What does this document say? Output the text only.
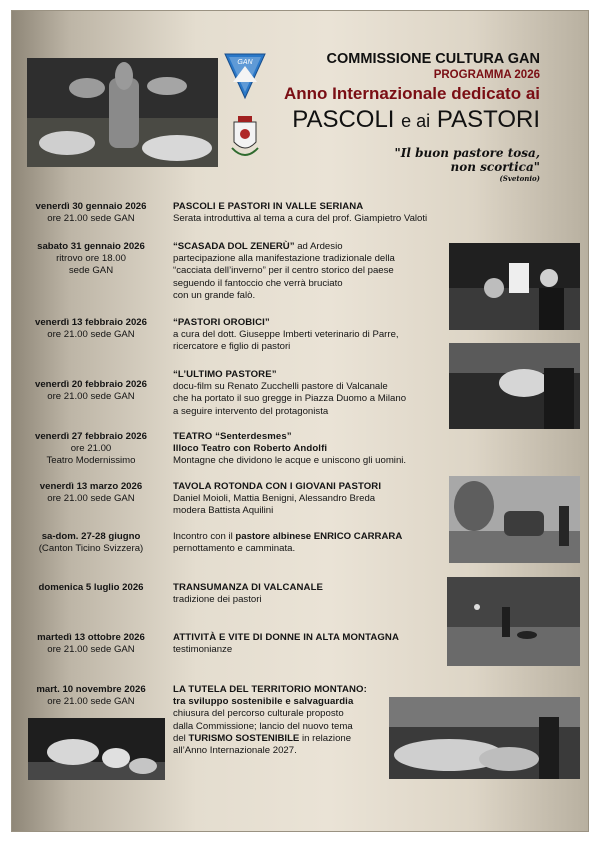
GAN	COMMISSIONE CULTURA GAN
PROGRAMMA 2026
Anno Internazionale dedicato ai
PASCOLI e ai PASTORI
"Il buon pastore tosa,
non scortica"
(Svetonio)
venerdì 30 gennaio 2026
ore 21.00 sede GAN
PASCOLI E PASTORI IN VALLE SERIANA
Serata introduttiva al tema a cura del prof. Giampietro Valoti
sabato 31 gennaio 2026
ritrovo ore 18.00
sede GAN
“SCASADA DOL ZENERÙ” ad Ardesio
partecipazione alla manifestazione tradizionale della
“cacciata dell’inverno” per il centro storico del paese
seguendo il fantoccio che verrà bruciato
con un grande falò.
venerdì 13 febbraio 2026
ore 21.00 sede GAN
“PASTORI OROBICI”
a cura del dott. Giuseppe Imberti veterinario di Parre,
ricercatore e figlio di pastori
venerdì 20 febbraio 2026
ore 21.00 sede GAN
“L’ULTIMO PASTORE”
docu-film su Renato Zucchelli pastore di Valcanale
che ha portato il suo gregge in Piazza Duomo a Milano
a seguire intervento del protagonista
venerdì 27 febbraio 2026
ore 21.00
Teatro Modernissimo
TEATRO “Senterdesmes”
Illoco Teatro con Roberto Andolfi
Montagne che dividono le acque e uniscono gli uomini.
venerdì 13 marzo 2026
ore 21.00 sede GAN
TAVOLA ROTONDA CON I GIOVANI PASTORI
Daniel Moioli, Mattia Benigni, Alessandro Breda
modera Battista Aquilini
sa-dom. 27-28 giugno
(Canton Ticino Svizzera)
Incontro con il pastore albinese ENRICO CARRARA
pernottamento e camminata.
domenica 5 luglio 2026	TRANSUMANZA DI VALCANALE
tradizione dei pastori
martedì 13 ottobre 2026
ore 21.00 sede GAN
ATTIVITÀ E VITE DI DONNE IN ALTA MONTAGNA
testimonianze
mart. 10 novembre 2026
ore 21.00 sede GAN
LA TUTELA DEL TERRITORIO MONTANO:
tra sviluppo sostenibile e salvaguardia
chiusura del percorso culturale proposto
dalla Commissione; lancio del nuovo tema
del TURISMO SOSTENIBILE in relazione
all’Anno Internazionale 2027.
